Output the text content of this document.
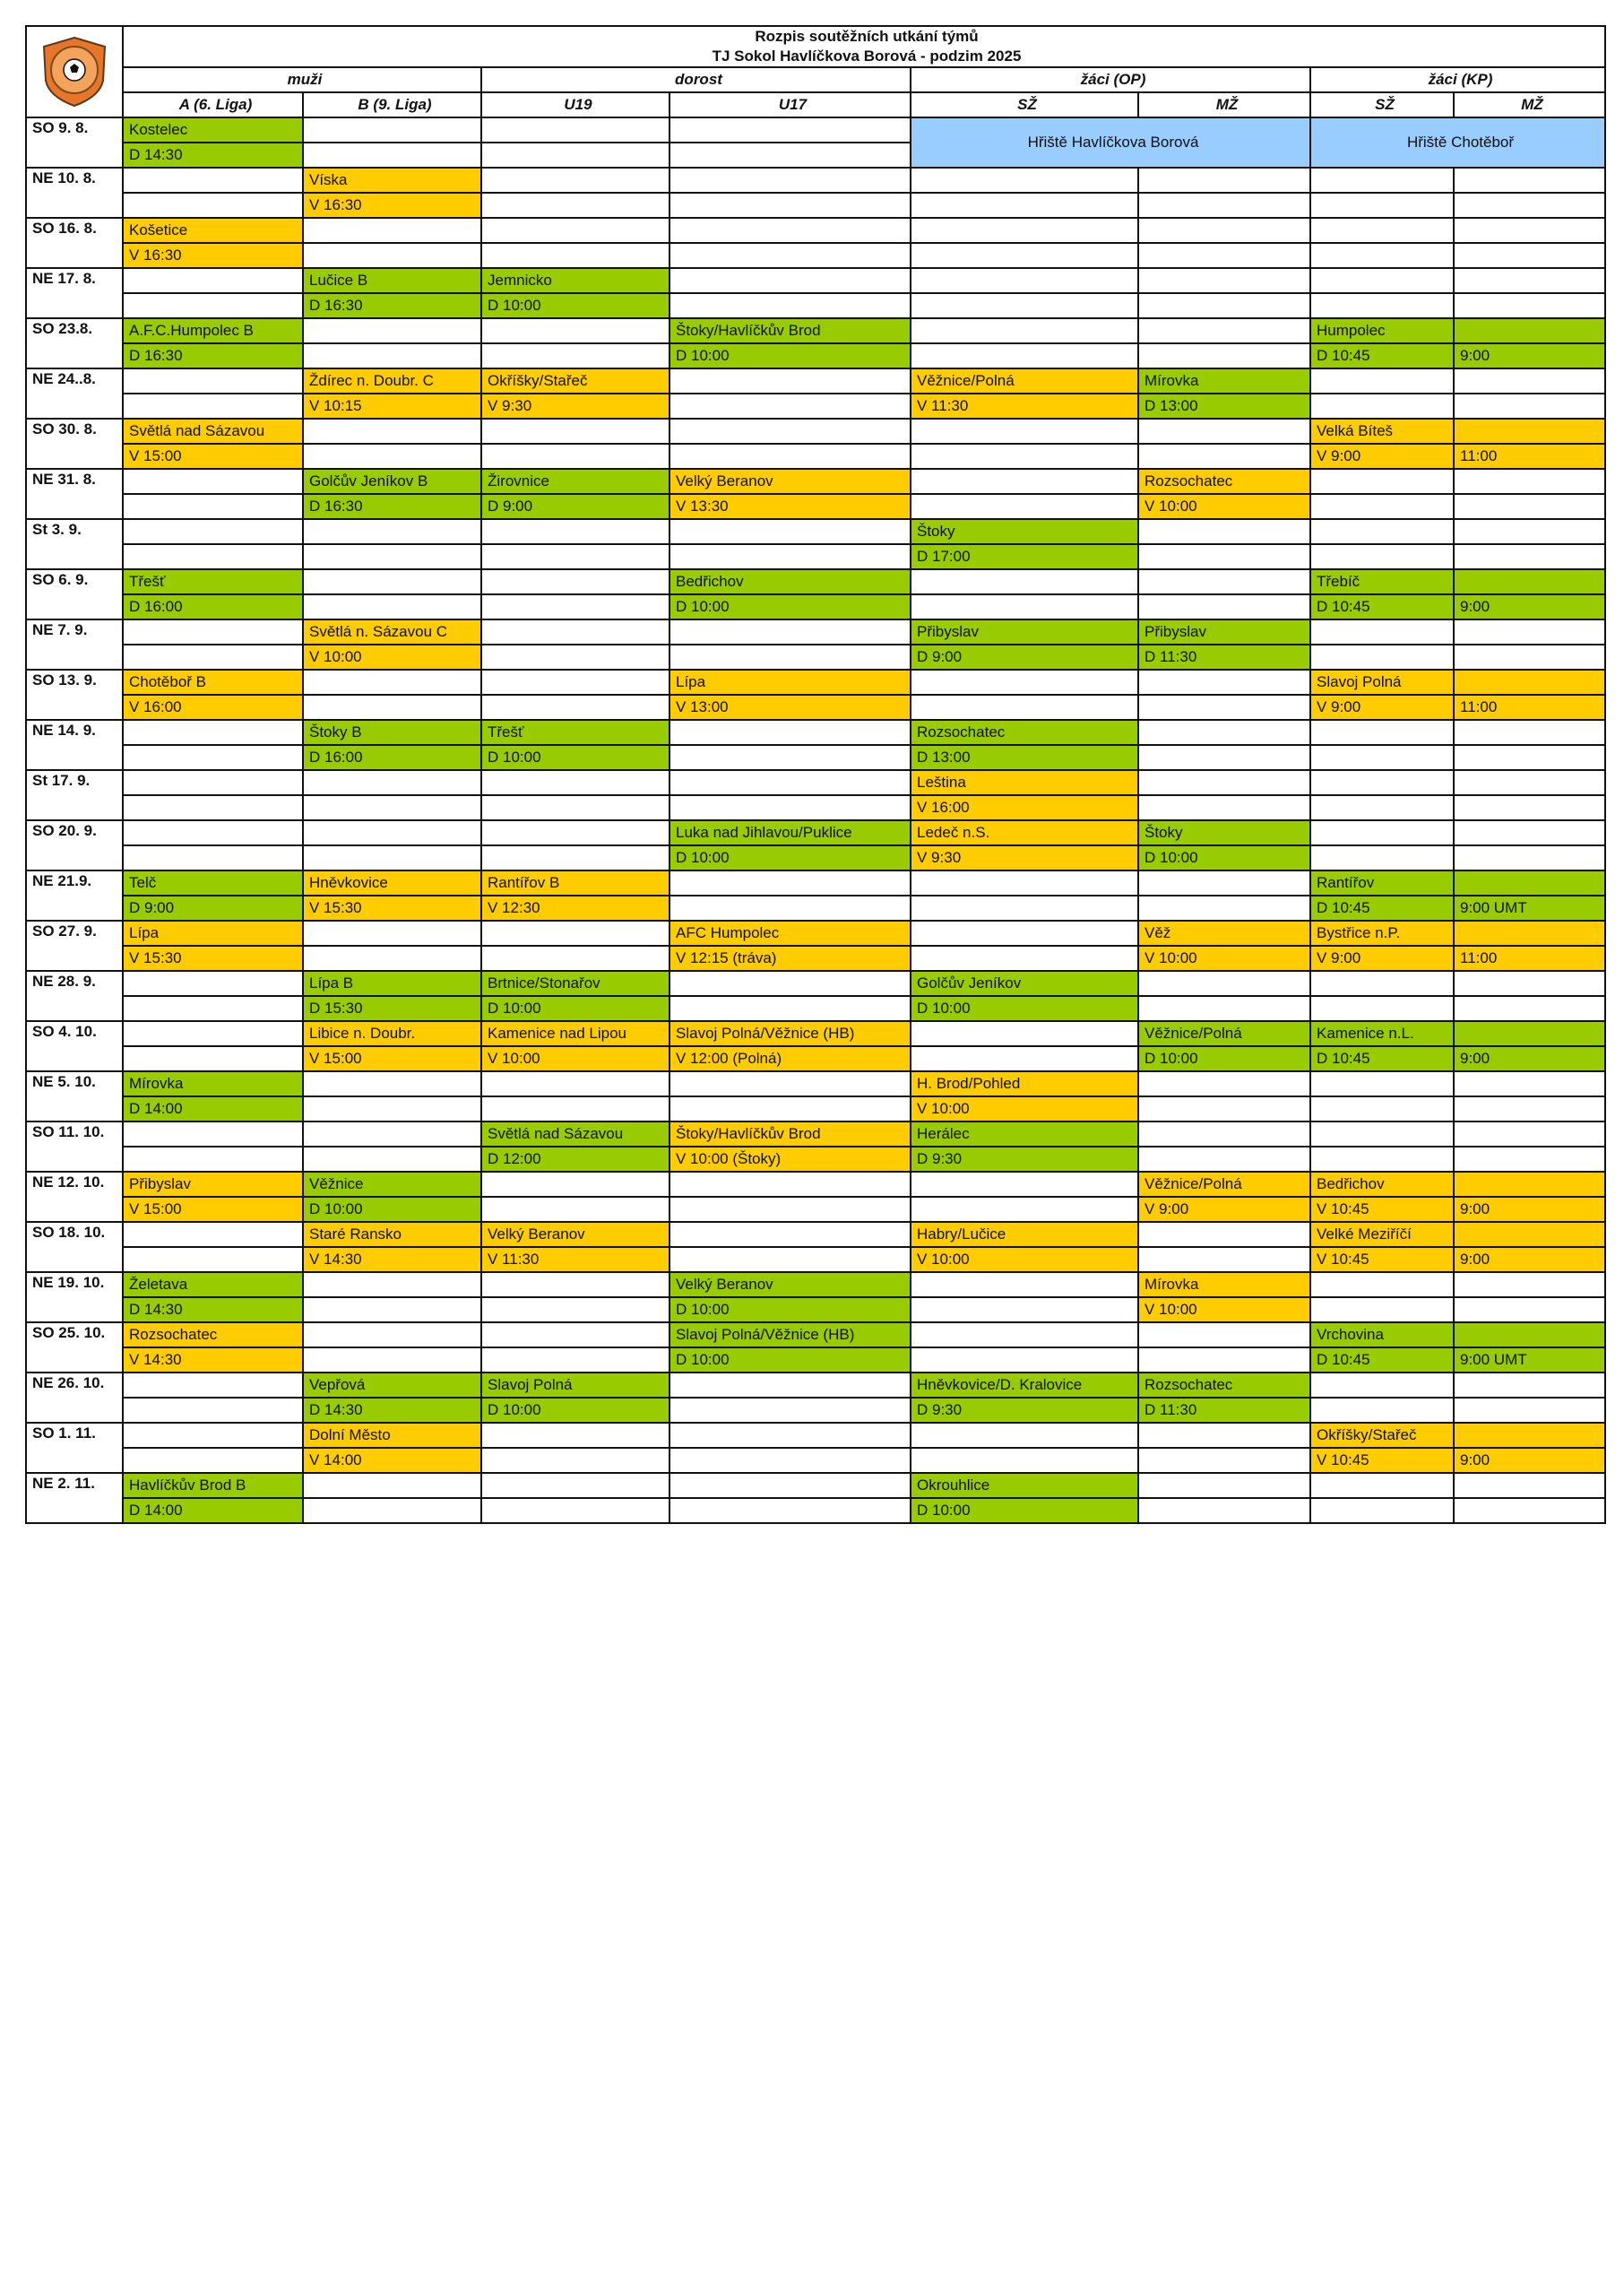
Rozpis soutěžních utkání týmů
TJ Sokol Havlíčkova Borová - podzim 2025							

	muži		dorost		žáci (OP)		žáci (KP)	
	A (6. Liga)	B (9. Liga)	U19	U17	SŽ	MŽ	SŽ	MŽ
SO 9. 8.	Kostelec				Hřiště Havlíčkova Borová		Hřiště Chotěboř	
	D 14:30							
NE 10. 8.		Víska						
		V 16:30						
SO 16. 8.	Košetice							
	V 16:30							
NE 17. 8.		Lučice B	Jemnicko					
		D 16:30	D 10:00					
SO 23.8.	A.F.C.Humpolec B			Štoky/Havlíčkův Brod			Humpolec	
	D 16:30			D 10:00			D 10:45	9:00
NE 24..8.		Ždírec n. Doubr. C	Okříšky/Stařeč		Věžnice/Polná	Mírovka		
		V 10:15	V 9:30		V 11:30	D 13:00		
SO 30. 8.	Světlá nad Sázavou						Velká Bíteš	
	V 15:00						V 9:00	11:00
NE 31. 8.		Golčův Jeníkov B	Žirovnice	Velký Beranov		Rozsochatec		
		D 16:30	D 9:00	V 13:30		V 10:00		
St 3. 9.					Štoky			
					D 17:00			
SO 6. 9.	Třešť			Bedřichov			Třebíč	
	D 16:00			D 10:00			D 10:45	9:00
NE 7. 9.		Světlá n. Sázavou C			Přibyslav	Přibyslav		
		V 10:00			D 9:00	D 11:30		
SO 13. 9.	Chotěboř B			Lípa			Slavoj Polná	
	V 16:00			V 13:00			V 9:00	11:00
NE 14. 9.		Štoky B	Třešť		Rozsochatec			
		D 16:00	D 10:00		D 13:00			
St 17. 9.					Leština			
					V 16:00			
SO 20. 9.				Luka nad Jihlavou/Puklice	Ledeč n.S.	Štoky		
				D 10:00	V 9:30	D 10:00		
NE 21.9.	Telč	Hněvkovice	Rantířov B				Rantířov	
	D 9:00	V 15:30	V 12:30				D 10:45	9:00 UMT
SO 27. 9.	Lípa			AFC Humpolec		Věž	Bystřice n.P.	
	V 15:30			V 12:15 (tráva)		V 10:00	V 9:00	11:00
NE 28. 9.		Lípa B	Brtnice/Stonařov		Golčův Jeníkov			
		D 15:30	D 10:00		D 10:00			
SO 4. 10.		Libice n. Doubr.	Kamenice nad Lipou	Slavoj Polná/Věžnice (HB)		Věžnice/Polná	Kamenice n.L.	
		V 15:00	V 10:00	V 12:00 (Polná)		D 10:00	D 10:45	9:00
NE 5. 10.	Mírovka				H. Brod/Pohled			
	D 14:00				V 10:00			
SO 11. 10.			Světlá nad Sázavou	Štoky/Havlíčkův Brod	Herálec			
			D 12:00	V 10:00 (Štoky)	D 9:30			
NE 12. 10.	Přibyslav	Věžnice				Věžnice/Polná	Bedřichov	
	V 15:00	D 10:00				V 9:00	V 10:45	9:00
SO 18. 10.		Staré Ransko	Velký Beranov		Habry/Lučice		Velké Meziříčí	
		V 14:30	V 11:30		V 10:00		V 10:45	9:00
NE 19. 10.	Želetava			Velký Beranov		Mírovka		
	D 14:30			D 10:00		V 10:00		
SO 25. 10.	Rozsochatec			Slavoj Polná/Věžnice (HB)			Vrchovina	
	V 14:30			D 10:00			D 10:45	9:00 UMT
NE 26. 10.		Vepřová	Slavoj Polná		Hněvkovice/D. Kralovice	Rozsochatec		
		D 14:30	D 10:00		D 9:30	D 11:30		
SO 1. 11.		Dolní Město					Okříšky/Stařeč	
		V 14:00					V 10:45	9:00
NE 2. 11.	Havlíčkův Brod B				Okrouhlice			
	D 14:00				D 10:00			
